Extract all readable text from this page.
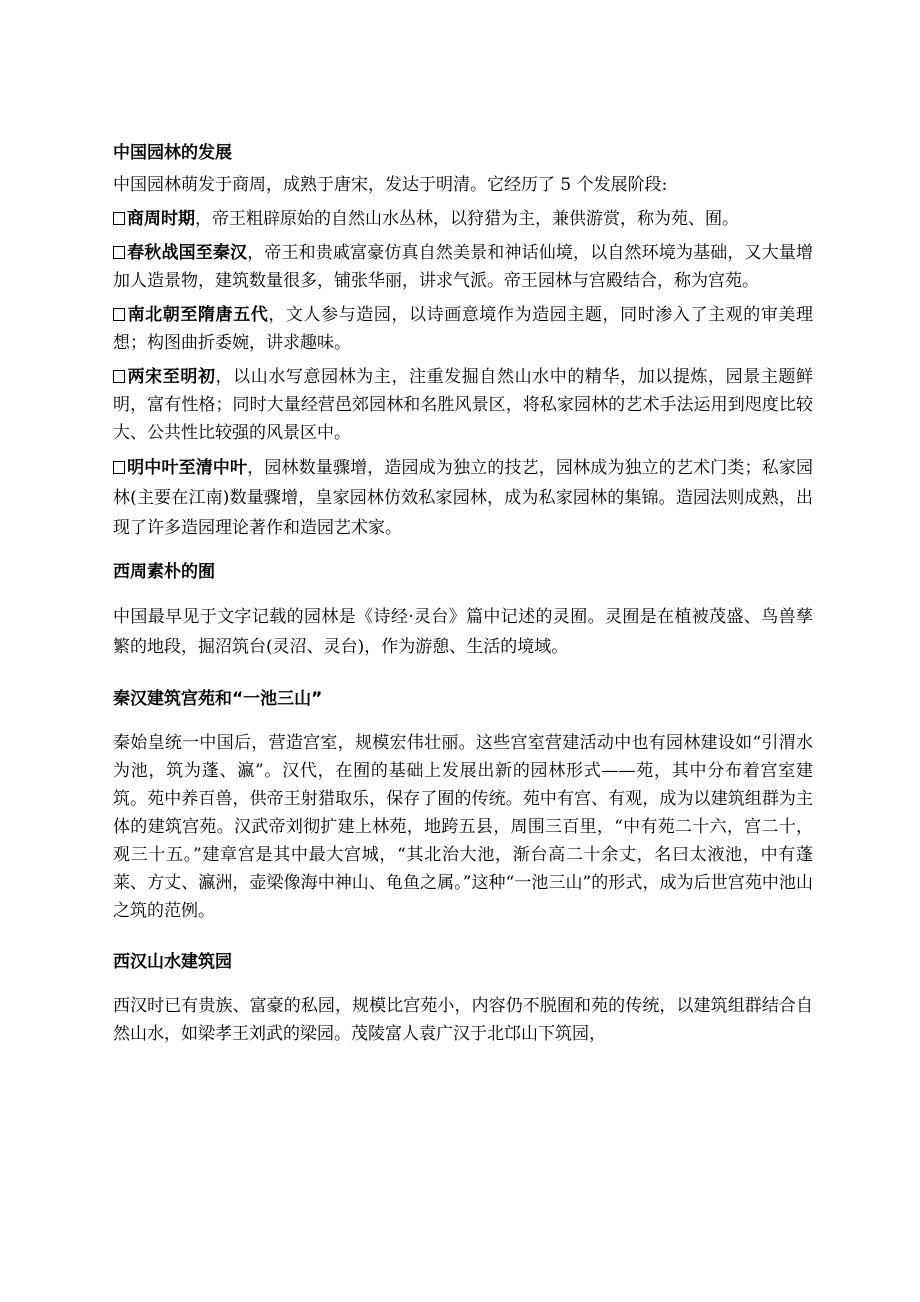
中国园林的发展

中国园林萌发于商周，成熟于唐宋，发达于明清。它经历了 5 个发展阶段:

商周时期，帝王粗辟原始的自然山水丛林，以狩猎为主，兼供游赏，称为苑、囿。

春秋战国至秦汉，帝王和贵戚富豪仿真自然美景和神话仙境，以自然环境为基础，又大量增加人造景物，建筑数量很多，铺张华丽，讲求气派。帝王园林与宫殿结合，称为宫苑。

南北朝至隋唐五代，文人参与造园，以诗画意境作为造园主题，同时渗入了主观的审美理想；构图曲折委婉，讲求趣味。

两宋至明初，以山水写意园林为主，注重发掘自然山水中的精华，加以提炼，园景主题鲜明，富有性格；同时大量经营邑郊园林和名胜风景区，将私家园林的艺术手法运用到咫度比较大、公共性比较强的风景区中。

明中叶至清中叶，园林数量骤增，造园成为独立的技艺，园林成为独立的艺术门类；私家园林(主要在江南)数量骤增，皇家园林仿效私家园林，成为私家园林的集锦。造园法则成熟，出现了许多造园理论著作和造园艺术家。

西周素朴的囿

中国最早见于文字记载的园林是《诗经·灵台》篇中记述的灵囿。灵囿是在植被茂盛、鸟兽孳繁的地段，掘沼筑台(灵沼、灵台)，作为游憩、生活的境域。

秦汉建筑宫苑和“一池三山”

秦始皇统一中国后，营造宫室，规模宏伟壮丽。这些宫室营建活动中也有园林建设如“引渭水为池，筑为蓬、瀛”。汉代，在囿的基础上发展出新的园林形式——苑，其中分布着宫室建筑。苑中养百兽，供帝王射猎取乐，保存了囿的传统。苑中有宫、有观，成为以建筑组群为主体的建筑宫苑。汉武帝刘彻扩建上林苑，地跨五县，周围三百里，“中有苑二十六，宫二十，观三十五。”建章宫是其中最大宫城，“其北治大池，渐台高二十余丈，名曰太液池，中有蓬莱、方丈、瀛洲，壶梁像海中神山、龟鱼之属。”这种“一池三山”的形式，成为后世宫苑中池山之筑的范例。

西汉山水建筑园

西汉时已有贵族、富豪的私园，规模比宫苑小，内容仍不脱囿和苑的传统，以建筑组群结合自然山水，如梁孝王刘武的梁园。茂陵富人袁广汉于北邙山下筑园，
